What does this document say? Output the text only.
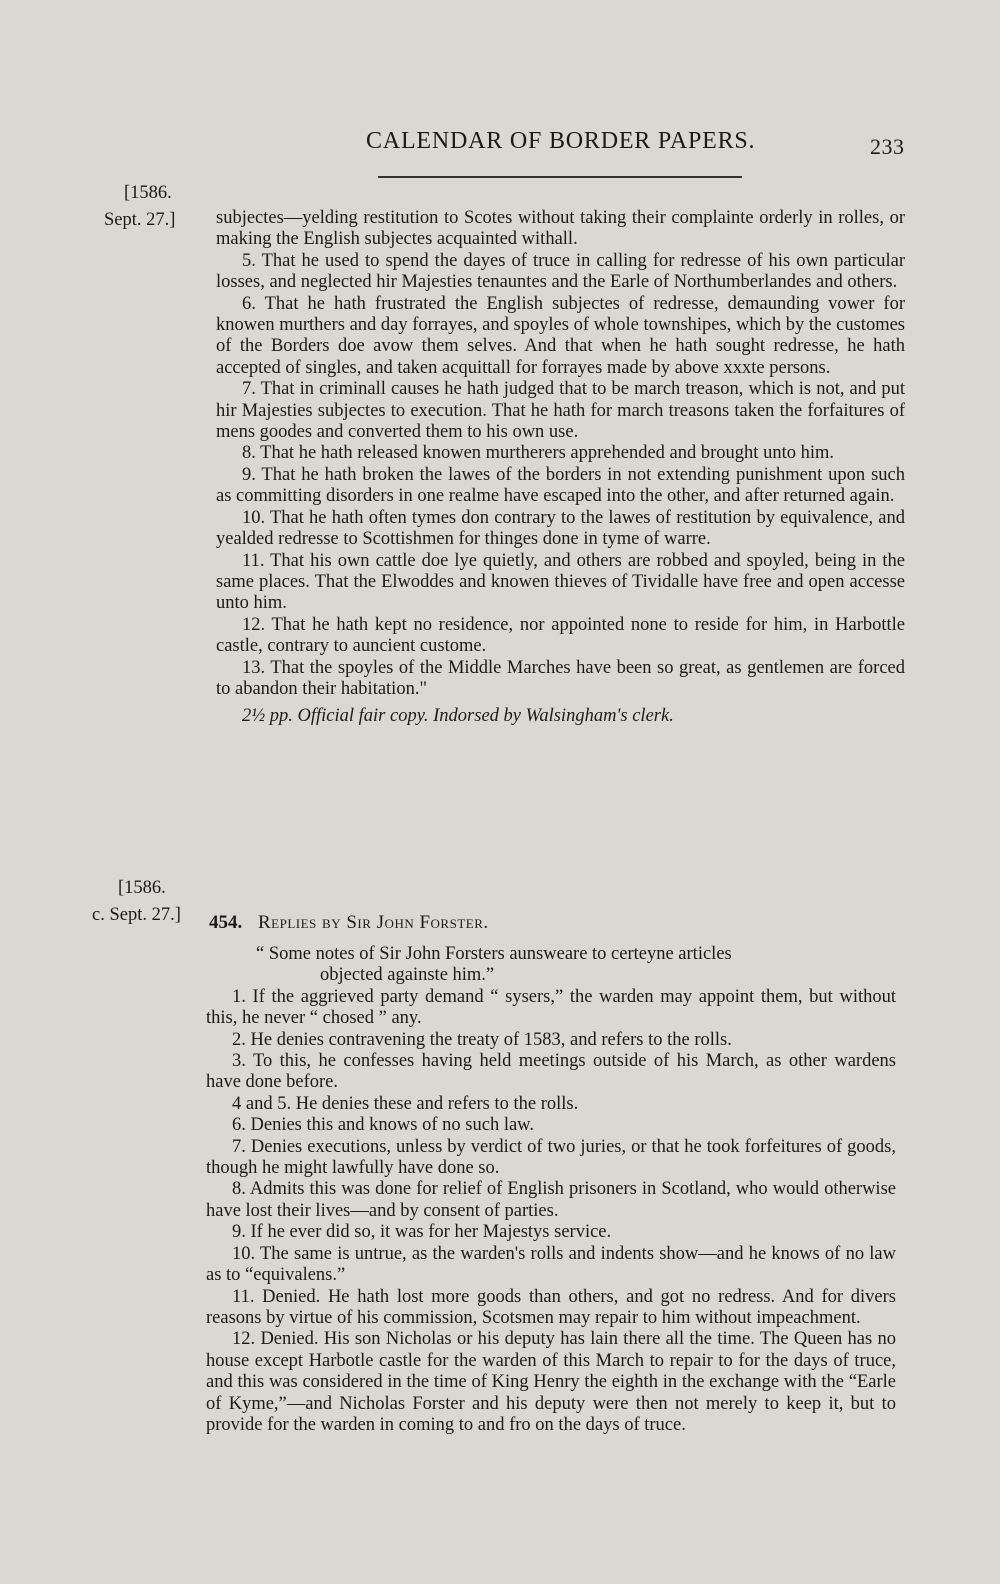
CALENDAR OF BORDER PAPERS.	233
[1586.
Sept. 27.] subjectes—yelding restitution to Scotes without taking their complainte orderly in rolles, or making the English subjectes acquainted withall.

5. That he used to spend the dayes of truce in calling for redresse of his own particular losses, and neglected hir Majesties tenauntes and the Earle of Northumberlandes and others.

6. That he hath frustrated the English subjectes of redresse, demaunding vower for knowen murthers and day forrayes, and spoyles of whole townshipes, which by the customes of the Borders doe avow them selves. And that when he hath sought redresse, he hath accepted of singles, and taken acquittall for forrayes made by above xxxte persons.

7. That in criminall causes he hath judged that to be march treason, which is not, and put hir Majesties subjectes to execution. That he hath for march treasons taken the forfaitures of mens goodes and converted them to his own use.

8. That he hath released knowen murtherers apprehended and brought unto him.

9. That he hath broken the lawes of the borders in not extending punishment upon such as committing disorders in one realme have escaped into the other, and after returned again.

10. That he hath often tymes don contrary to the lawes of restitution by equivalence, and yealded redresse to Scottishmen for thinges done in tyme of warre.

11. That his own cattle doe lye quietly, and others are robbed and spoyled, being in the same places. That the Elwoddes and knowen thieves of Tividalle have free and open accesse unto him.

12. That he hath kept no residence, nor appointed none to reside for him, in Harbottle castle, contrary to auncient custome.

13. That the spoyles of the Middle Marches have been so great, as gentlemen are forced to abandon their habitation."

2½ pp. Official fair copy. Indorsed by Walsingham's clerk.

[1586.
c. Sept. 27.] 454. Replies by Sir John Forster.

“ Some notes of Sir John Forsters aunsweare to certeyne articles
objected againste him.”

1. If the aggrieved party demand “ sysers,” the warden may appoint them, but without this, he never “ chosed ” any.

2. He denies contravening the treaty of 1583, and refers to the rolls.

3. To this, he confesses having held meetings outside of his March, as other wardens have done before.

4 and 5. He denies these and refers to the rolls.

6. Denies this and knows of no such law.

7. Denies executions, unless by verdict of two juries, or that he took forfeitures of goods, though he might lawfully have done so.

8. Admits this was done for relief of English prisoners in Scotland, who would otherwise have lost their lives—and by consent of parties.

9. If he ever did so, it was for her Majestys service.

10. The same is untrue, as the warden's rolls and indents show—and he knows of no law as to “equivalens.”

11. Denied. He hath lost more goods than others, and got no redress. And for divers reasons by virtue of his commission, Scotsmen may repair to him without impeachment.

12. Denied. His son Nicholas or his deputy has lain there all the time. The Queen has no house except Harbotle castle for the warden of this March to repair to for the days of truce, and this was considered in the time of King Henry the eighth in the exchange with the “Earle of Kyme,”—and Nicholas Forster and his deputy were then not merely to keep it, but to provide for the warden in coming to and fro on the days of truce.
